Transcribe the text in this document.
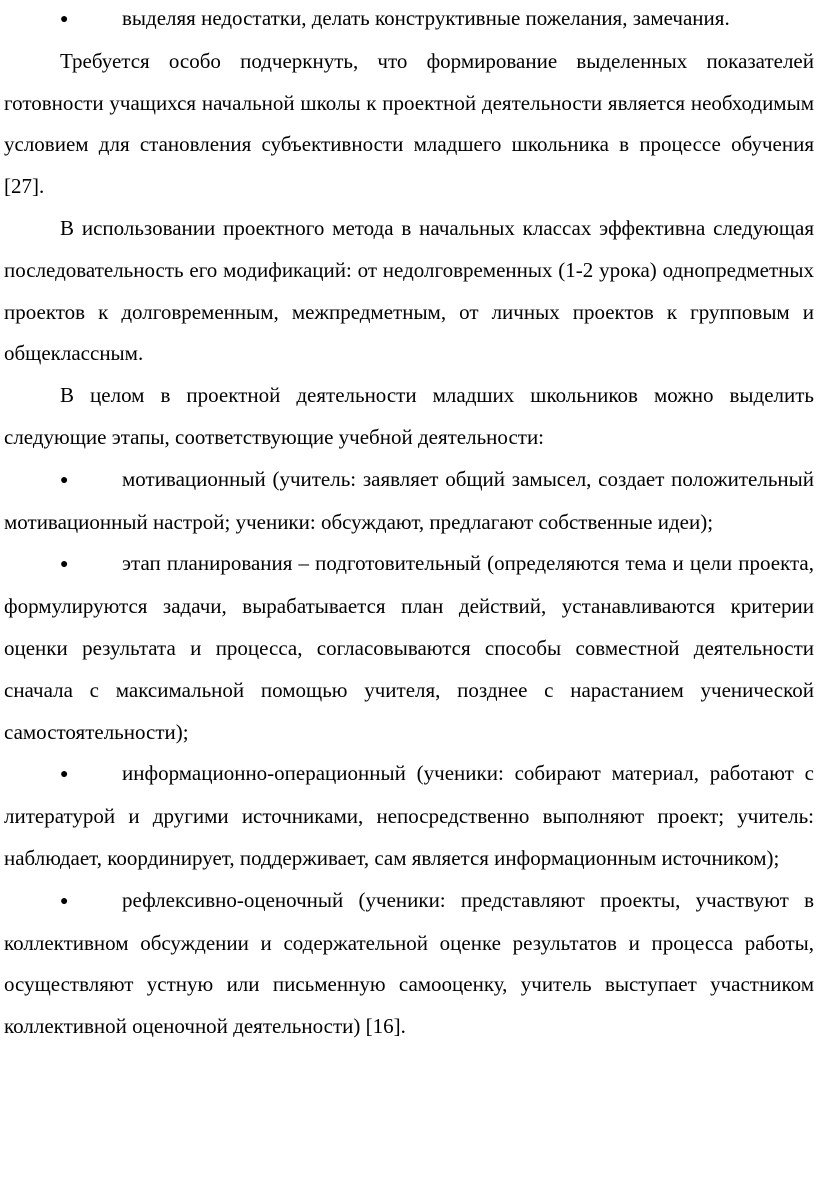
●	выделяя недостатки, делать конструктивные пожелания, замечания.

Требуется особо подчеркнуть, что формирование выделенных показателей готовности учащихся начальной школы к проектной деятельности является необходимым условием для становления субъективности младшего школьника в процессе обучения [27].

В использовании проектного метода в начальных классах эффективна следующая последовательность его модификаций: от недолговременных (1-2 урока) однопредметных проектов к долговременным, межпредметным, от личных проектов к групповым и общеклассным.

В целом в проектной деятельности младших школьников можно выделить следующие этапы, соответствующие учебной деятельности:

●	мотивационный (учитель: заявляет общий замысел, создает положительный мотивационный настрой; ученики: обсуждают, предлагают собственные идеи);

●	этап планирования – подготовительный (определяются тема и цели проекта, формулируются задачи, вырабатывается план действий, устанавливаются критерии оценки результата и процесса, согласовываются способы совместной деятельности сначала с максимальной помощью учителя, позднее с нарастанием ученической самостоятельности);

●	информационно-операционный (ученики: собирают материал, работают с литературой и другими источниками, непосредственно выполняют проект; учитель: наблюдает, координирует, поддерживает, сам является информационным источником);

●	рефлексивно-оценочный (ученики: представляют проекты, участвуют в коллективном обсуждении и содержательной оценке результатов и процесса работы, осуществляют устную или письменную самооценку, учитель выступает участником коллективной оценочной деятельности) [16].
